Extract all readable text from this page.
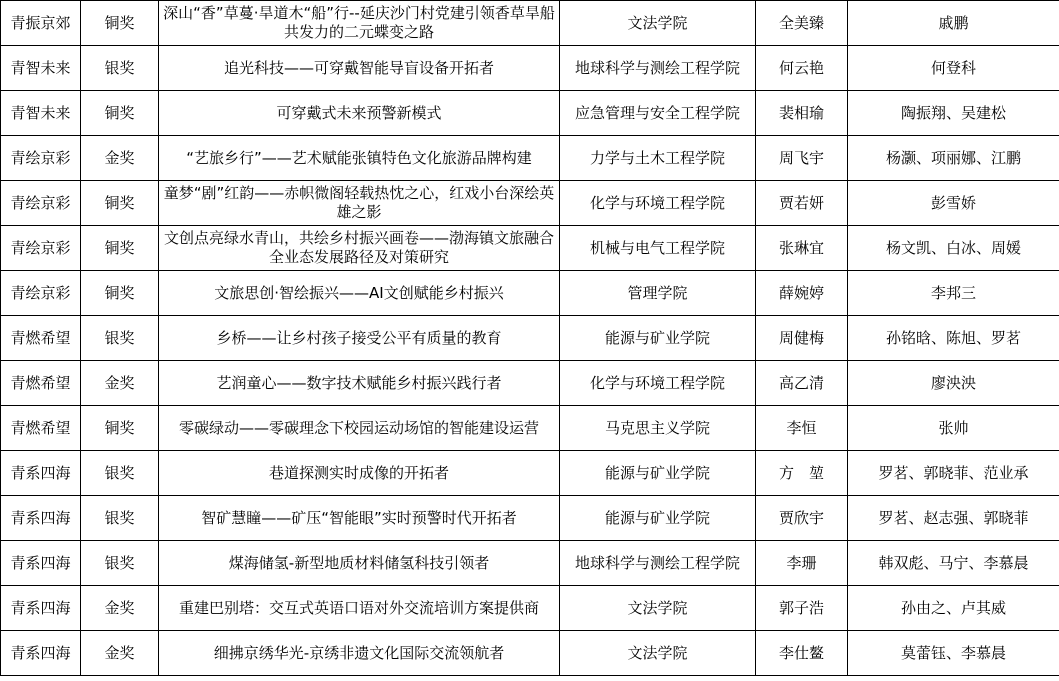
青振京郊	铜奖	深山“香”草蔓·旱道木“船”行--延庆沙门村党建引领香草旱船共发力的二元蝶变之路	文法学院	全美臻	戚鹏
青智未来	银奖	追光科技——可穿戴智能导盲设备开拓者	地球科学与测绘工程学院	何云艳	何登科
青智未来	铜奖	可穿戴式未来预警新模式	应急管理与安全工程学院	裴相瑜	陶振翔、吴建松
青绘京彩	金奖	“艺旅乡行”——艺术赋能张镇特色文化旅游品牌构建	力学与土木工程学院	周飞宇	杨灏、项丽娜、江鹏
青绘京彩	铜奖	童梦“剧”红韵——赤帜微阁轻载热忱之心，红戏小台深绘英雄之影	化学与环境工程学院	贾若妍	彭雪娇
青绘京彩	铜奖	文创点亮绿水青山，共绘乡村振兴画卷——渤海镇文旅融合全业态发展路径及对策研究	机械与电气工程学院	张琳宜	杨文凯、白冰、周媛
青绘京彩	铜奖	文旅思创·智绘振兴——AI文创赋能乡村振兴	管理学院	薛婉婷	李邦三
青燃希望	银奖	乡桥——让乡村孩子接受公平有质量的教育	能源与矿业学院	周健梅	孙铭晗、陈旭、罗茗
青燃希望	金奖	艺润童心——数字技术赋能乡村振兴践行者	化学与环境工程学院	高乙清	廖泱泱
青燃希望	铜奖	零碳绿动——零碳理念下校园运动场馆的智能建设运营	马克思主义学院	李恒	张帅
青系四海	银奖	巷道探测实时成像的开拓者	能源与矿业学院	方　堃	罗茗、郭晓菲、范业承
青系四海	银奖	智矿慧瞳——矿压“智能眼”实时预警时代开拓者	能源与矿业学院	贾欣宇	罗茗、赵志强、郭晓菲
青系四海	银奖	煤海储氢-新型地质材料储氢科技引领者	地球科学与测绘工程学院	李珊	韩双彪、马宁、李慕晨
青系四海	金奖	重建巴别塔：交互式英语口语对外交流培训方案提供商	文法学院	郭子浩	孙由之、卢其威
青系四海	金奖	细拂京绣华光-京绣非遗文化国际交流领航者	文法学院	李仕鳌	莫蕾钰、李慕晨
